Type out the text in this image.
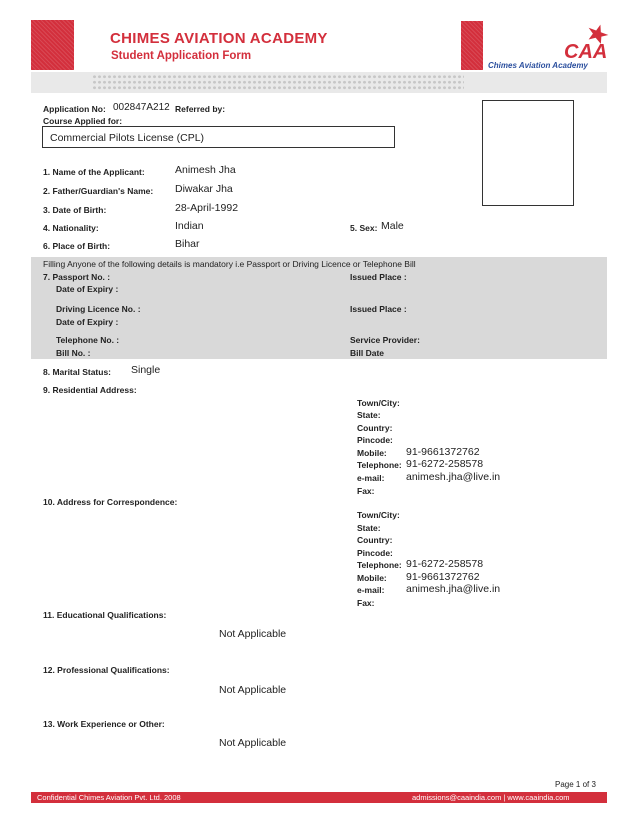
CHIMES AVIATION ACADEMY
Student Application Form	CAA
Chimes Aviation Academy
Application No: 002847A212 Referred by:
Course Applied for:
Commercial Pilots License (CPL)
1. Name of the Applicant:	Animesh Jha
2. Father/Guardian's Name: Diwakar Jha
3. Date of Birth:	28-April-1992
4. Nationality:	Indian	5. Sex: Male
6. Place of Birth:	Bihar
Filling Anyone of the following details is mandatory i.e Passport or Driving Licence or Telephone Bill
7. Passport No. :
Date of Expiry :
Issued Place :
Driving Licence No. :
Date of Expiry :
Issued Place :
Telephone No. :
Bill No. :
Service Provider:
Bill Date
8. Marital Status: Single
9. Residential Address:
Town/City:
State:
Country:
Pincode:
Mobile: 91-9661372762
Telephone: 91-6272-258578
e-mail: animesh.jha@live.in
Fax:
10. Address for Correspondence:
Town/City:
State:
Country:
Pincode:
Telephone: 91-6272-258578
Mobile: 91-9661372762
e-mail: animesh.jha@live.in
Fax:
11. Educational Qualifications:
Not Applicable
12. Professional Qualifications:
Not Applicable
13. Work Experience or Other:
Not Applicable
Page 1 of 3
Confidential Chimes Aviation Pvt. Ltd. 2008	admissions@caaindia.com | www.caaindia.com
